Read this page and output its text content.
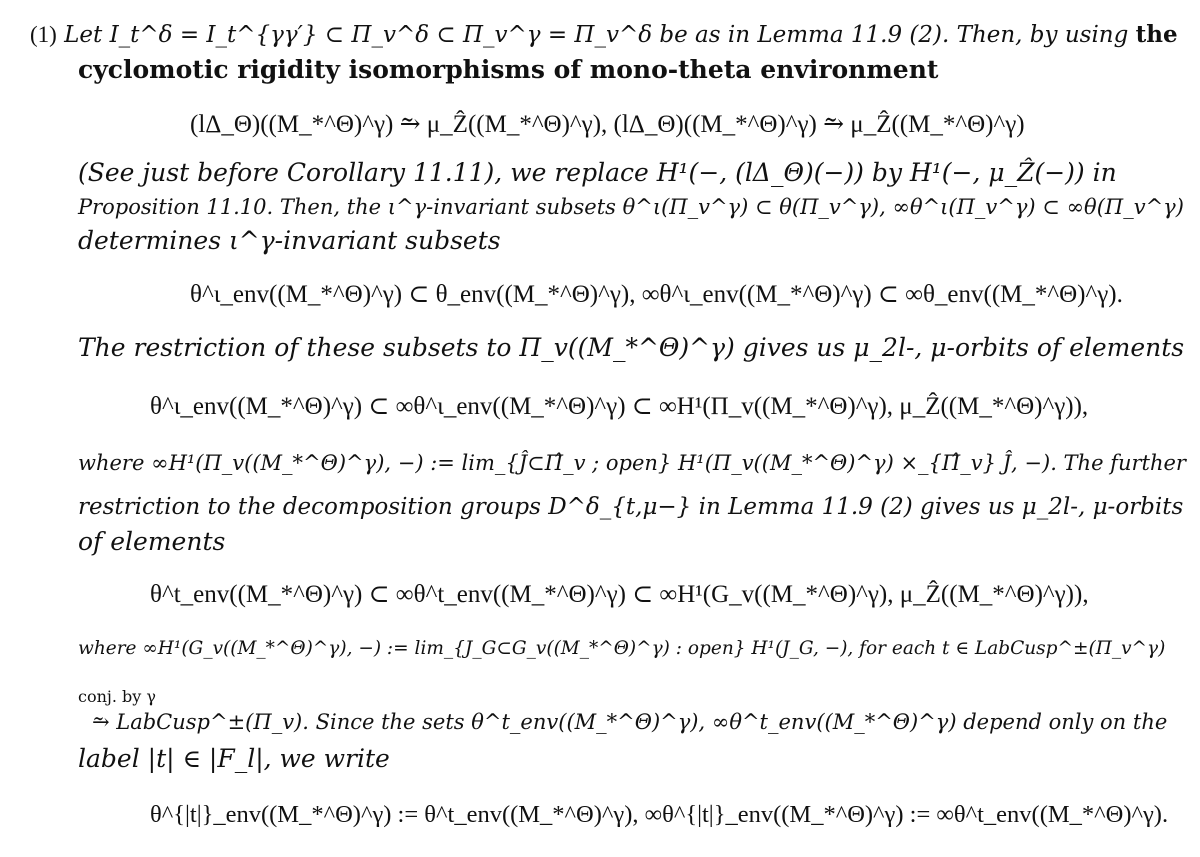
(1) Let I_t^δ = I_t^{γγ′} ⊂ Π_v^δ ⊂ Π_v^γ = Π_v^δ be as in Lemma 11.9 (2). Then, by using the
cyclomotic rigidity isomorphisms of mono-theta environment
(lΔ_Θ)((M_*^Θ)^γ) ⥲ μ_Ẑ((M_*^Θ)^γ), (lΔ_Θ)((M_*^Θ)^γ) ⥲ μ_Ẑ((M_*^Θ)^γ)
(See just before Corollary 11.11), we replace H¹(−, (lΔ_Θ)(−)) by H¹(−, μ_Ẑ(−)) in
Proposition 11.10. Then, the ι^γ-invariant subsets θ^ι(Π_v^γ) ⊂ θ(Π_v^γ), ∞θ^ι(Π_v^γ) ⊂ ∞θ(Π_v^γ)
determines ι^γ-invariant subsets
θ^ι_env((M_*^Θ)^γ) ⊂ θ_env((M_*^Θ)^γ), ∞θ^ι_env((M_*^Θ)^γ) ⊂ ∞θ_env((M_*^Θ)^γ).
The restriction of these subsets to Π_v((M_*^Θ)^γ) gives us μ_2l-, μ-orbits of elements
θ^ι_env((M_*^Θ)^γ) ⊂ ∞θ^ι_env((M_*^Θ)^γ) ⊂ ∞H¹(Π_v((M_*^Θ)^γ), μ_Ẑ((M_*^Θ)^γ)),
where ∞H¹(Π_v((M_*^Θ)^γ), −) := lim_{Ĵ⊂Π̂_v ; open} H¹(Π_v((M_*^Θ)^γ) ×_{Π̂_v} Ĵ, −). The further
restriction to the decomposition groups D^δ_{t,μ−} in Lemma 11.9 (2) gives us μ_2l-, μ-orbits
of elements
θ^t_env((M_*^Θ)^γ) ⊂ ∞θ^t_env((M_*^Θ)^γ) ⊂ ∞H¹(G_v((M_*^Θ)^γ), μ_Ẑ((M_*^Θ)^γ)),
where ∞H¹(G_v((M_*^Θ)^γ), −) := lim_{J_G⊂G_v((M_*^Θ)^γ) : open} H¹(J_G, −), for each t ∈ LabCusp^±(Π_v^γ)
conj. by γ
⥲ LabCusp^±(Π_v). Since the sets θ^t_env((M_*^Θ)^γ), ∞θ^t_env((M_*^Θ)^γ) depend only on the
label |t| ∈ |F_l|, we write
θ^{|t|}_env((M_*^Θ)^γ) := θ^t_env((M_*^Θ)^γ), ∞θ^{|t|}_env((M_*^Θ)^γ) := ∞θ^t_env((M_*^Θ)^γ).
